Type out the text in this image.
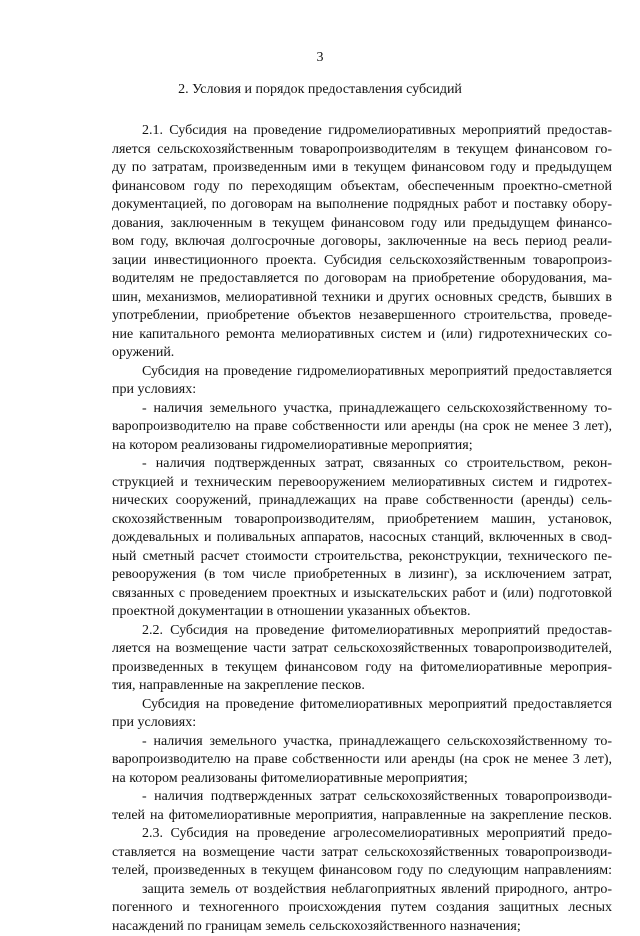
3
2. Условия и порядок предоставления субсидий
2.1. Субсидия на проведение гидромелиоративных мероприятий предостав-
ляется сельскохозяйственным товаропроизводителям в текущем финансовом го-
ду по затратам, произведенным ими в текущем финансовом году и предыдущем
финансовом году по переходящим объектам, обеспеченным проектно-сметной
документацией, по договорам на выполнение подрядных работ и поставку обору-
дования, заключенным в текущем финансовом году или предыдущем финансо-
вом году, включая долгосрочные договоры, заключенные на весь период реали-
зации инвестиционного проекта. Субсидия сельскохозяйственным товаропроиз-
водителям не предоставляется по договорам на приобретение оборудования, ма-
шин, механизмов, мелиоративной техники и других основных средств, бывших в
употреблении, приобретение объектов незавершенного строительства, проведе-
ние капитального ремонта мелиоративных систем и (или) гидротехнических со-
оружений.
Субсидия на проведение гидромелиоративных мероприятий предоставляется
при условиях:
- наличия земельного участка, принадлежащего сельскохозяйственному то-
варопроизводителю на праве собственности или аренды (на срок не менее 3 лет),
на котором реализованы гидромелиоративные мероприятия;
- наличия подтвержденных затрат, связанных со строительством, рекон-
струкцией и техническим перевооружением мелиоративных систем и гидротех-
нических сооружений, принадлежащих на праве собственности (аренды) сель-
скохозяйственным товаропроизводителям, приобретением машин, установок,
дождевальных и поливальных аппаратов, насосных станций, включенных в свод-
ный сметный расчет стоимости строительства, реконструкции, технического пе-
ревооружения (в том числе приобретенных в лизинг), за исключением затрат,
связанных с проведением проектных и изыскательских работ и (или) подготовкой
проектной документации в отношении указанных объектов.
2.2. Субсидия на проведение фитомелиоративных мероприятий предостав-
ляется на возмещение части затрат сельскохозяйственных товаропроизводителей,
произведенных в текущем финансовом году на фитомелиоративные мероприя-
тия, направленные на закрепление песков.
Субсидия на проведение фитомелиоративных мероприятий предоставляется
при условиях:
- наличия земельного участка, принадлежащего сельскохозяйственному то-
варопроизводителю на праве собственности или аренды (на срок не менее 3 лет),
на котором реализованы фитомелиоративные мероприятия;
- наличия подтвержденных затрат сельскохозяйственных товаропроизводи-
телей на фитомелиоративные мероприятия, направленные на закрепление песков.
2.3. Субсидия на проведение агролесомелиоративных мероприятий предо-
ставляется на возмещение части затрат сельскохозяйственных товаропроизводи-
телей, произведенных в текущем финансовом году по следующим направлениям:
защита земель от воздействия неблагоприятных явлений природного, антро-
погенного и техногенного происхождения путем создания защитных лесных
насаждений по границам земель сельскохозяйственного назначения;
